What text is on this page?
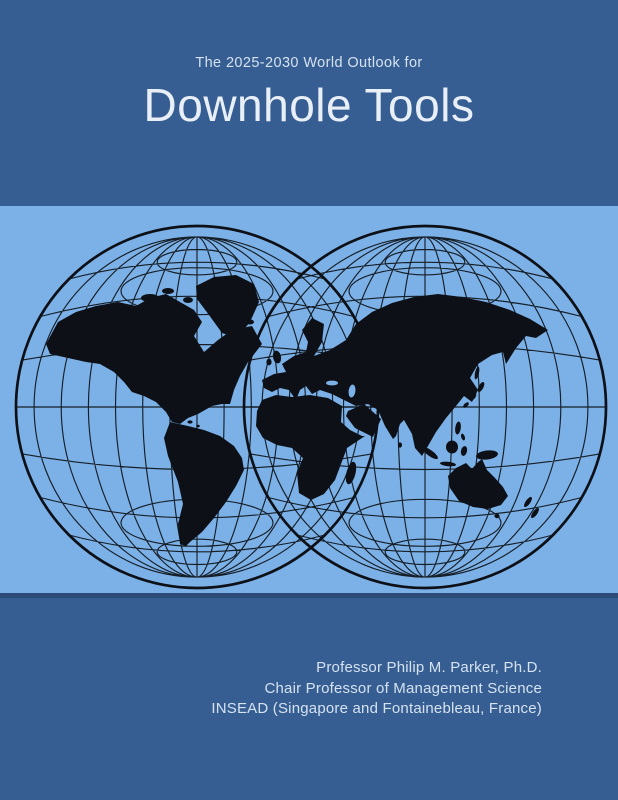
The 2025-2030 World Outlook for
Downhole Tools
Professor Philip M. Parker, Ph.D.
Chair Professor of Management Science
INSEAD (Singapore and Fontainebleau, France)
